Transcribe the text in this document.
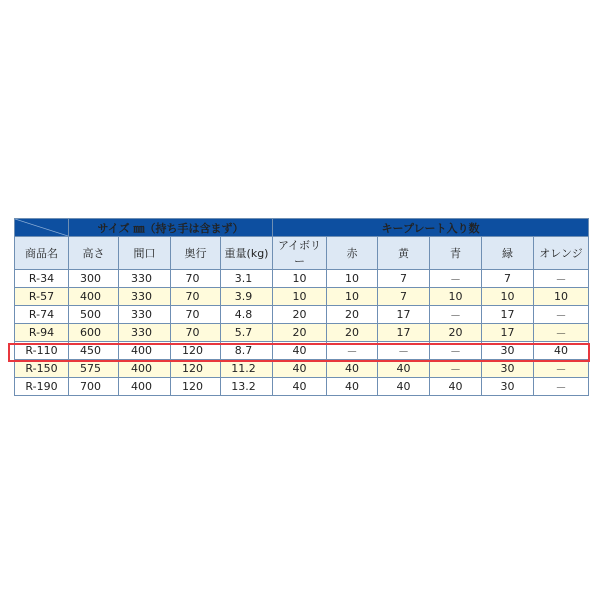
	サイズ ㎜（持ち手は含まず）				キープレート入り数					
商品名	高さ	間口	奥行	重量(kg)	アイボリー	赤	黄	青	緑	オレンジ
R-34	300	330	70	3.1	10	10	7	－	7	－
R-57	400	330	70	3.9	10	10	7	10	10	10
R-74	500	330	70	4.8	20	20	17	－	17	－
R-94	600	330	70	5.7	20	20	17	20	17	－
R-110	450	400	120	8.7	40	－	－	－	30	40
R-150	575	400	120	11.2	40	40	40	－	30	－
R-190	700	400	120	13.2	40	40	40	40	30	－
